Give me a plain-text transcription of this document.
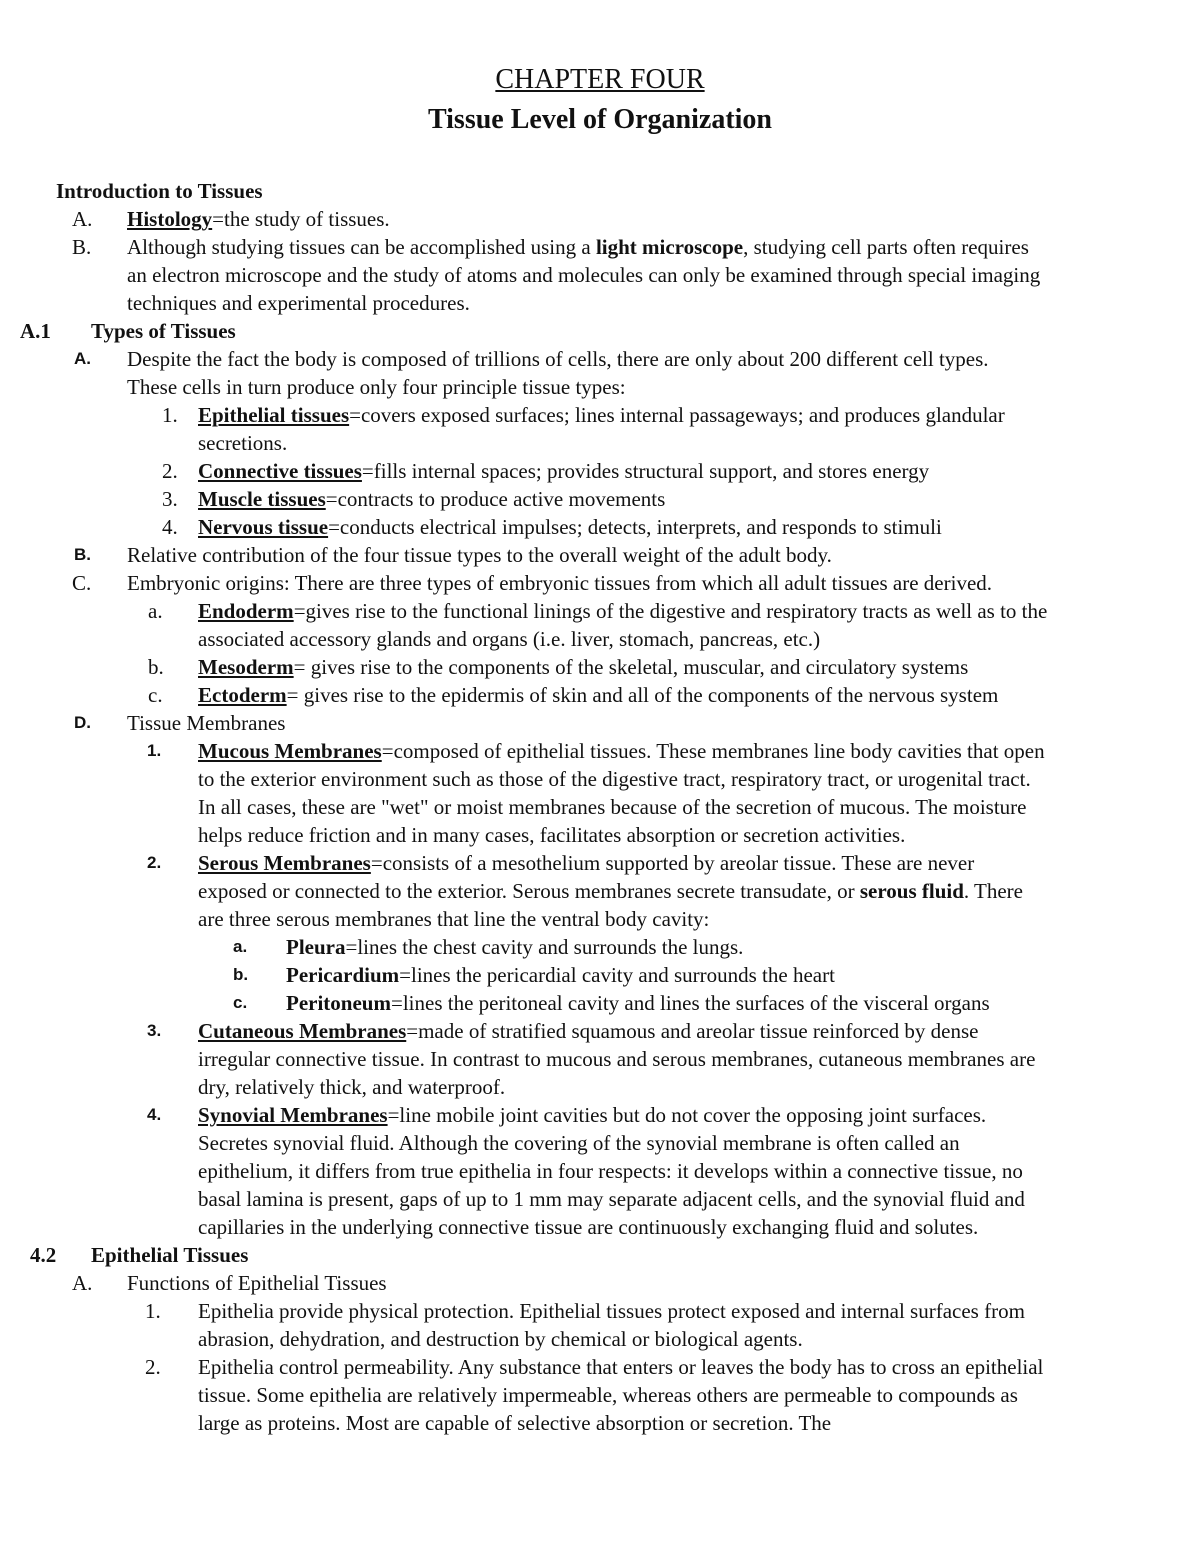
CHAPTER FOUR
Tissue Level of Organization
Introduction to Tissues
A. Histology=the study of tissues.
B. Although studying tissues can be accomplished using a light microscope, studying cell parts often requires
an electron microscope and the study of atoms and molecules can only be examined through special imaging
techniques and experimental procedures.
A.1 Types of Tissues
A. Despite the fact the body is composed of trillions of cells, there are only about 200 different cell types.
These cells in turn produce only four principle tissue types:
1. Epithelial tissues=covers exposed surfaces; lines internal passageways; and produces glandular
secretions.
2. Connective tissues=fills internal spaces; provides structural support, and stores energy
3. Muscle tissues=contracts to produce active movements
4. Nervous tissue=conducts electrical impulses; detects, interprets, and responds to stimuli
B. Relative contribution of the four tissue types to the overall weight of the adult body.
C. Embryonic origins: There are three types of embryonic tissues from which all adult tissues are derived.
a. Endoderm=gives rise to the functional linings of the digestive and respiratory tracts as well as to the
associated accessory glands and organs (i.e. liver, stomach, pancreas, etc.)
b. Mesoderm= gives rise to the components of the skeletal, muscular, and circulatory systems
c. Ectoderm= gives rise to the epidermis of skin and all of the components of the nervous system
D. Tissue Membranes
1. Mucous Membranes=composed of epithelial tissues. These membranes line body cavities that open
to the exterior environment such as those of the digestive tract, respiratory tract, or urogenital tract.
In all cases, these are "wet" or moist membranes because of the secretion of mucous. The moisture
helps reduce friction and in many cases, facilitates absorption or secretion activities.
2. Serous Membranes=consists of a mesothelium supported by areolar tissue. These are never
exposed or connected to the exterior. Serous membranes secrete transudate, or serous fluid. There
are three serous membranes that line the ventral body cavity:
a. Pleura=lines the chest cavity and surrounds the lungs.
b. Pericardium=lines the pericardial cavity and surrounds the heart
c. Peritoneum=lines the peritoneal cavity and lines the surfaces of the visceral organs
3. Cutaneous Membranes=made of stratified squamous and areolar tissue reinforced by dense
irregular connective tissue. In contrast to mucous and serous membranes, cutaneous membranes are
dry, relatively thick, and waterproof.
4. Synovial Membranes=line mobile joint cavities but do not cover the opposing joint surfaces.
Secretes synovial fluid. Although the covering of the synovial membrane is often called an
epithelium, it differs from true epithelia in four respects: it develops within a connective tissue, no
basal lamina is present, gaps of up to 1 mm may separate adjacent cells, and the synovial fluid and
capillaries in the underlying connective tissue are continuously exchanging fluid and solutes.
4.2 Epithelial Tissues
A. Functions of Epithelial Tissues
1. Epithelia provide physical protection. Epithelial tissues protect exposed and internal surfaces from
abrasion, dehydration, and destruction by chemical or biological agents.
2. Epithelia control permeability. Any substance that enters or leaves the body has to cross an epithelial
tissue. Some epithelia are relatively impermeable, whereas others are permeable to compounds as
large as proteins. Most are capable of selective absorption or secretion. The
